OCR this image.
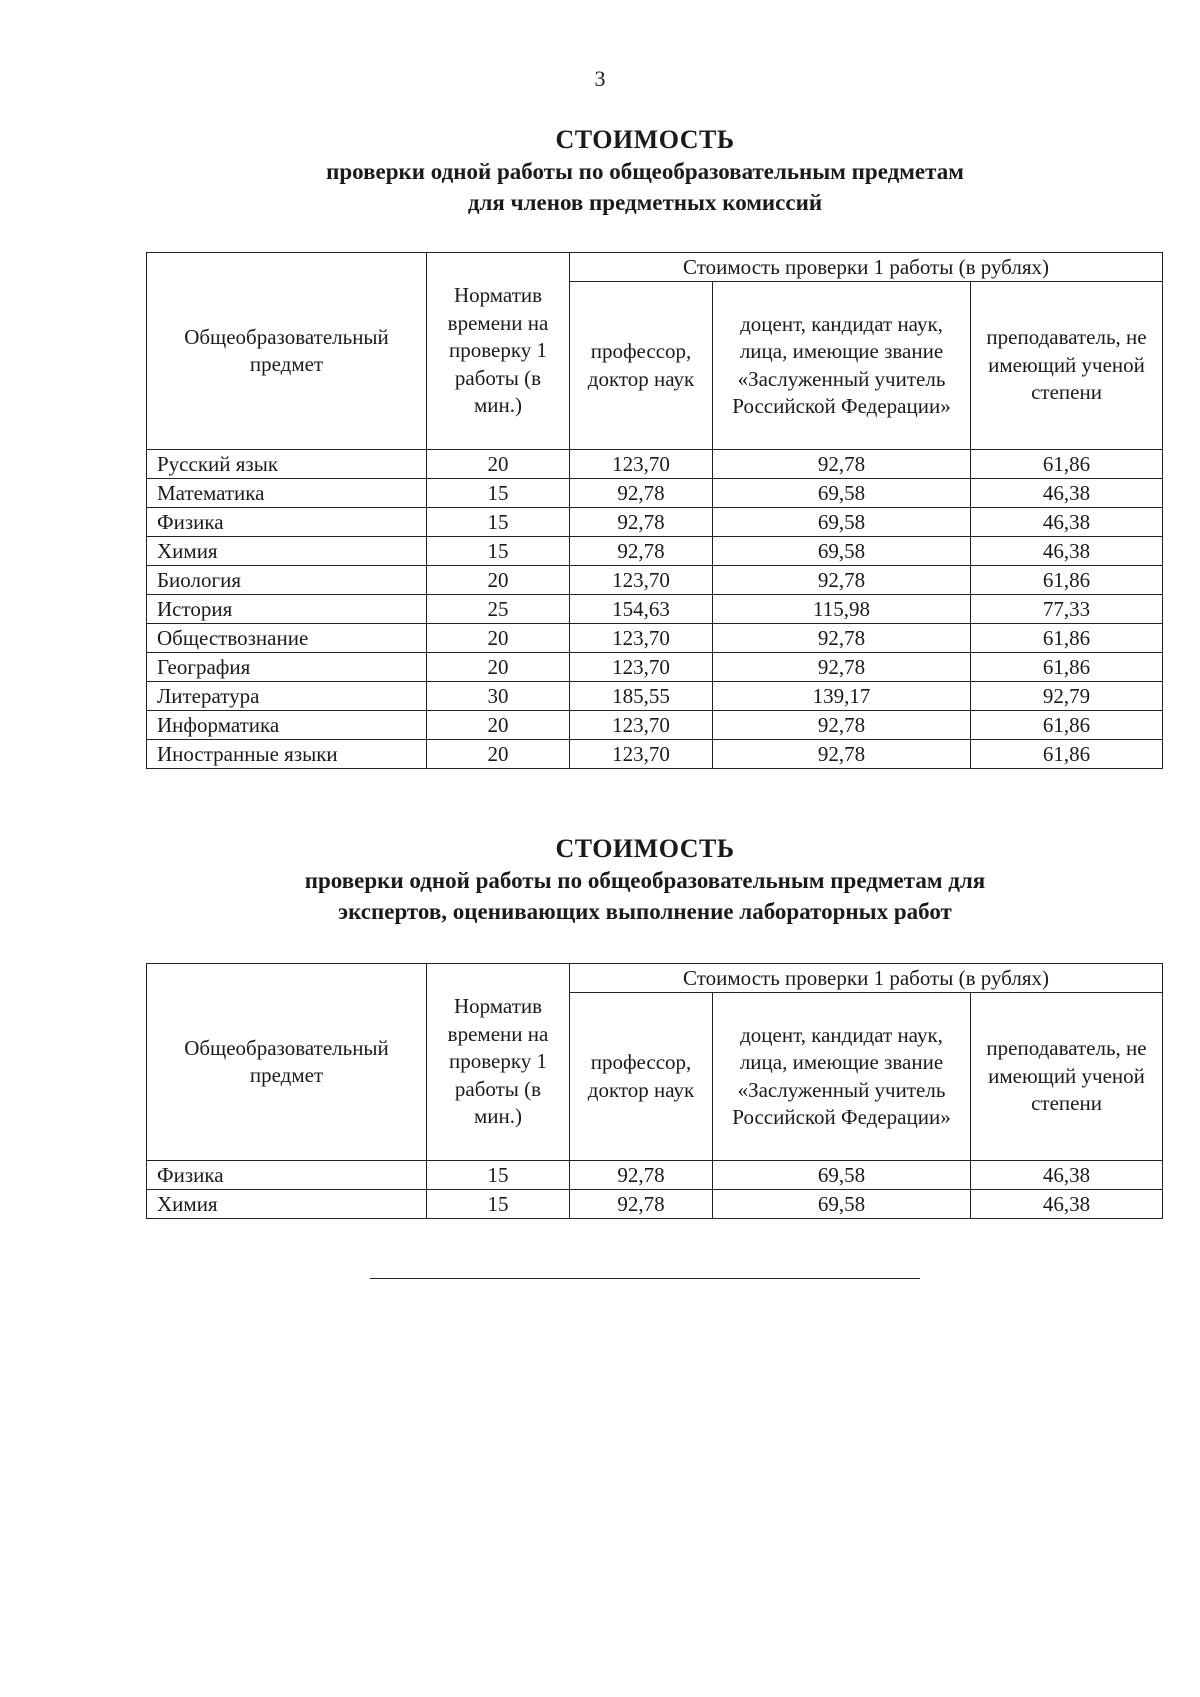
3
СТОИМОСТЬ
проверки одной работы по общеобразовательным предметам
для членов предметных комиссий
Общеобразовательный предмет	Норматив времени на проверку 1 работы (в мин.)	Стоимость проверки 1 работы (в рублях)		
		профессор, доктор наук	доцент, кандидат наук, лица, имеющие звание «Заслуженный учитель Российской Федерации»	преподаватель, не имеющий ученой степени
Русский язык	20	123,70	92,78	61,86
Математика	15	92,78	69,58	46,38
Физика	15	92,78	69,58	46,38
Химия	15	92,78	69,58	46,38
Биология	20	123,70	92,78	61,86
История	25	154,63	115,98	77,33
Обществознание	20	123,70	92,78	61,86
География	20	123,70	92,78	61,86
Литература	30	185,55	139,17	92,79
Информатика	20	123,70	92,78	61,86
Иностранные языки	20	123,70	92,78	61,86
СТОИМОСТЬ
проверки одной работы по общеобразовательным предметам для
экспертов, оценивающих выполнение лабораторных работ
Общеобразовательный предмет	Норматив времени на проверку 1 работы (в мин.)	Стоимость проверки 1 работы (в рублях)		
		профессор, доктор наук	доцент, кандидат наук, лица, имеющие звание «Заслуженный учитель Российской Федерации»	преподаватель, не имеющий ученой степени
Физика	15	92,78	69,58	46,38
Химия	15	92,78	69,58	46,38
